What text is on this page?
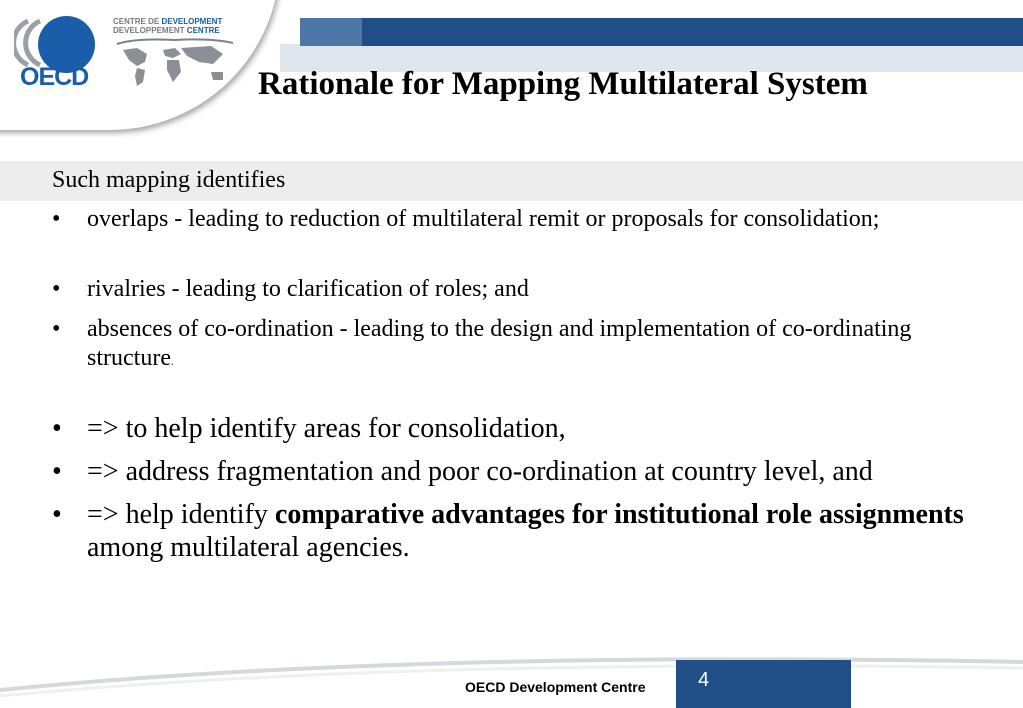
OECD
CENTRE DE DEVELOPMENT
DEVELOPPEMENT CENTRE
Rationale for Mapping Multilateral System
Such mapping identifies
• overlaps - leading to reduction of multilateral remit or proposals for consolidation;
• rivalries - leading to clarification of roles; and
• absences of co-ordination - leading to the design and implementation of co-ordinating structure.
• => to help identify areas for consolidation,
• => address fragmentation and poor co-ordination at country level, and
• => help identify comparative advantages for institutional role assignments among multilateral agencies.
OECD Development Centre	4
